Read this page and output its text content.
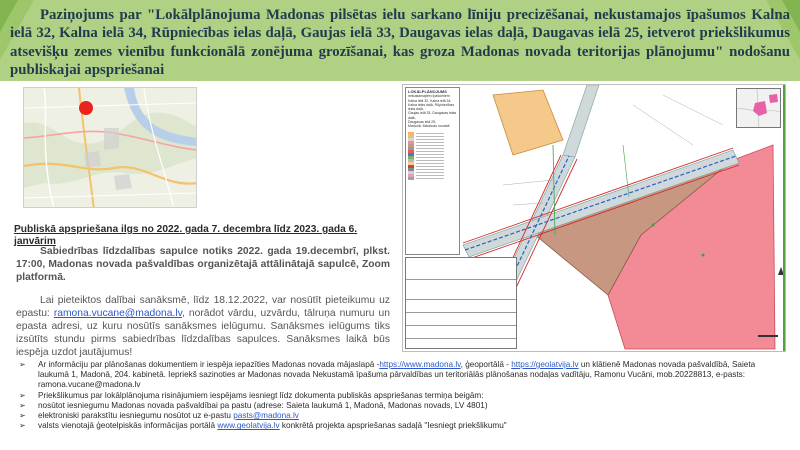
Paziņojums par "Lokālplānojuma Madonas pilsētas ielu sarkano līniju precizēšanai, nekustamajos īpašumos Kalna ielā 32, Kalna ielā 34, Rūpniecības ielas daļā, Gaujas ielā 33, Daugavas ielas daļā, Daugavas ielā 25, ietverot priekšlikumus atsevišķu zemes vienību funkcionālā zonējuma grozīšanai, kas groza Madonas novada teritorijas plānojumu" nodošanu publiskajai apspriešanai
Publiskā apspriešana ilgs no 2022. gada 7. decembra līdz 2023. gada 6. janvārim
Sabiedrības līdzdalības sapulce notiks 2022. gada 19.decembrī, plkst. 17:00, Madonas novada pašvaldības organizētajā attālinātajā sapulcē, Zoom platformā.
Lai pieteiktos dalībai sanāksmē, līdz 18.12.2022, var nosūtīt pieteikumu uz epastu: ramona.vucane@madona.lv, norādot vārdu, uzvārdu, tālruņa numuru un epasta adresi, uz kuru nosūtīs sanāksmes ielūgumu. Sanāksmes ielūgums tiks izsūtīts stundu pirms sabiedrības līdzdalības sapulces. Sanāksmes laikā būs iespēja uzdot jautājumus!
LOKĀLPLĀNOJUMS
nekustamajiem īpašumiem
Kalna ielā 32, Kalna ielā 34,
Kalna ielas daļā, Rūpniecības ielas daļā,
Gaujas ielā 33, Daugavas ielas daļā,
Daugavas ielā 25,
Madonā, Madonas novadā
➢ Ar informāciju par plānošanas dokumentiem ir iespēja iepazīties Madonas novada mājaslapā -https://www.madona.lv, ģeoportālā - https://geolatvija.lv un klātienē Madonas novada pašvaldībā, Saieta laukumā 1, Madonā, 204. kabinetā. Iepriekš sazinoties ar Madonas novada Nekustamā īpašuma pārvaldības un teritoriālās plānošanas nodaļas vadītāju, Ramonu Vucāni, mob.20228813, e-pasts: ramona.vucane@madona.lv
➢ Priekšlikumus par lokālplānojuma risinājumiem iespējams iesniegt līdz dokumenta publiskās apspriešanas termiņa beigām:
➢ nosūtot iesniegumu Madonas novada pašvaldībai pa pastu (adrese: Saieta laukumā 1, Madonā, Madonas novads, LV 4801)
➢ elektroniski parakstītu iesniegumu nosūtot uz e-pastu pasts@madona.lv
➢ valsts vienotajā ģeotelpiskās informācijas portālā www.geolatvija.lv konkrētā projekta apspriešanas sadaļā "Iesniegt priekšlikumu"
